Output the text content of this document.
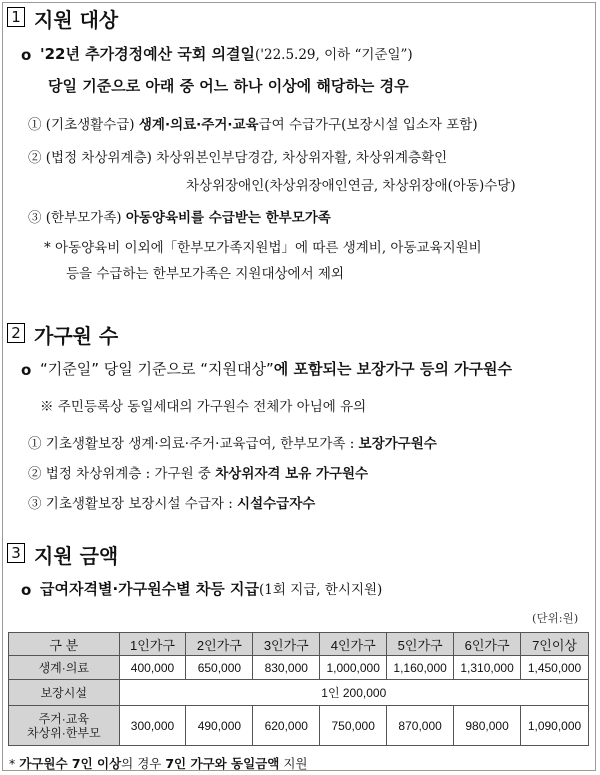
1 지원 대상
o '22년 추가경정예산 국회 의결일('22.5.29, 이하 “기준일”)
당일 기준으로 아래 중 어느 하나 이상에 해당하는 경우
① (기초생활수급) 생계·의료·주거·교육급여 수급가구(보장시설 입소자 포함)
② (법정 차상위계층) 차상위본인부담경감, 차상위자활, 차상위계층확인
차상위장애인(차상위장애인연금, 차상위장애(아동)수당)
③ (한부모가족) 아동양육비를 수급받는 한부모가족
* 아동양육비 이외에「한부모가족지원법」에 따른 생계비, 아동교육지원비
등을 수급하는 한부모가족은 지원대상에서 제외
2 가구원 수
o “기준일” 당일 기준으로 “지원대상”에 포함되는 보장가구 등의 가구원수
※ 주민등록상 동일세대의 가구원수 전체가 아님에 유의
① 기초생활보장 생계·의료·주거·교육급여, 한부모가족 : 보장가구원수
② 법정 차상위계층 : 가구원 중 차상위자격 보유 가구원수
③ 기초생활보장 보장시설 수급자 : 시설수급자수
3 지원 금액
o 급여자격별·가구원수별 차등 지급(1회 지급, 한시지원)
(단위:원)
구 분	1인가구	2인가구	3인가구	4인가구	5인가구	6인가구	7인이상
생계·의료	400,000	650,000	830,000	1,000,000	1,160,000	1,310,000	1,450,000
보장시설	1인 200,000						

주거·교육
차상위·한부모	300,000	490,000	620,000	750,000	870,000	980,000	1,090,000
* 가구원수 7인 이상의 경우 7인 가구와 동일금액 지원
